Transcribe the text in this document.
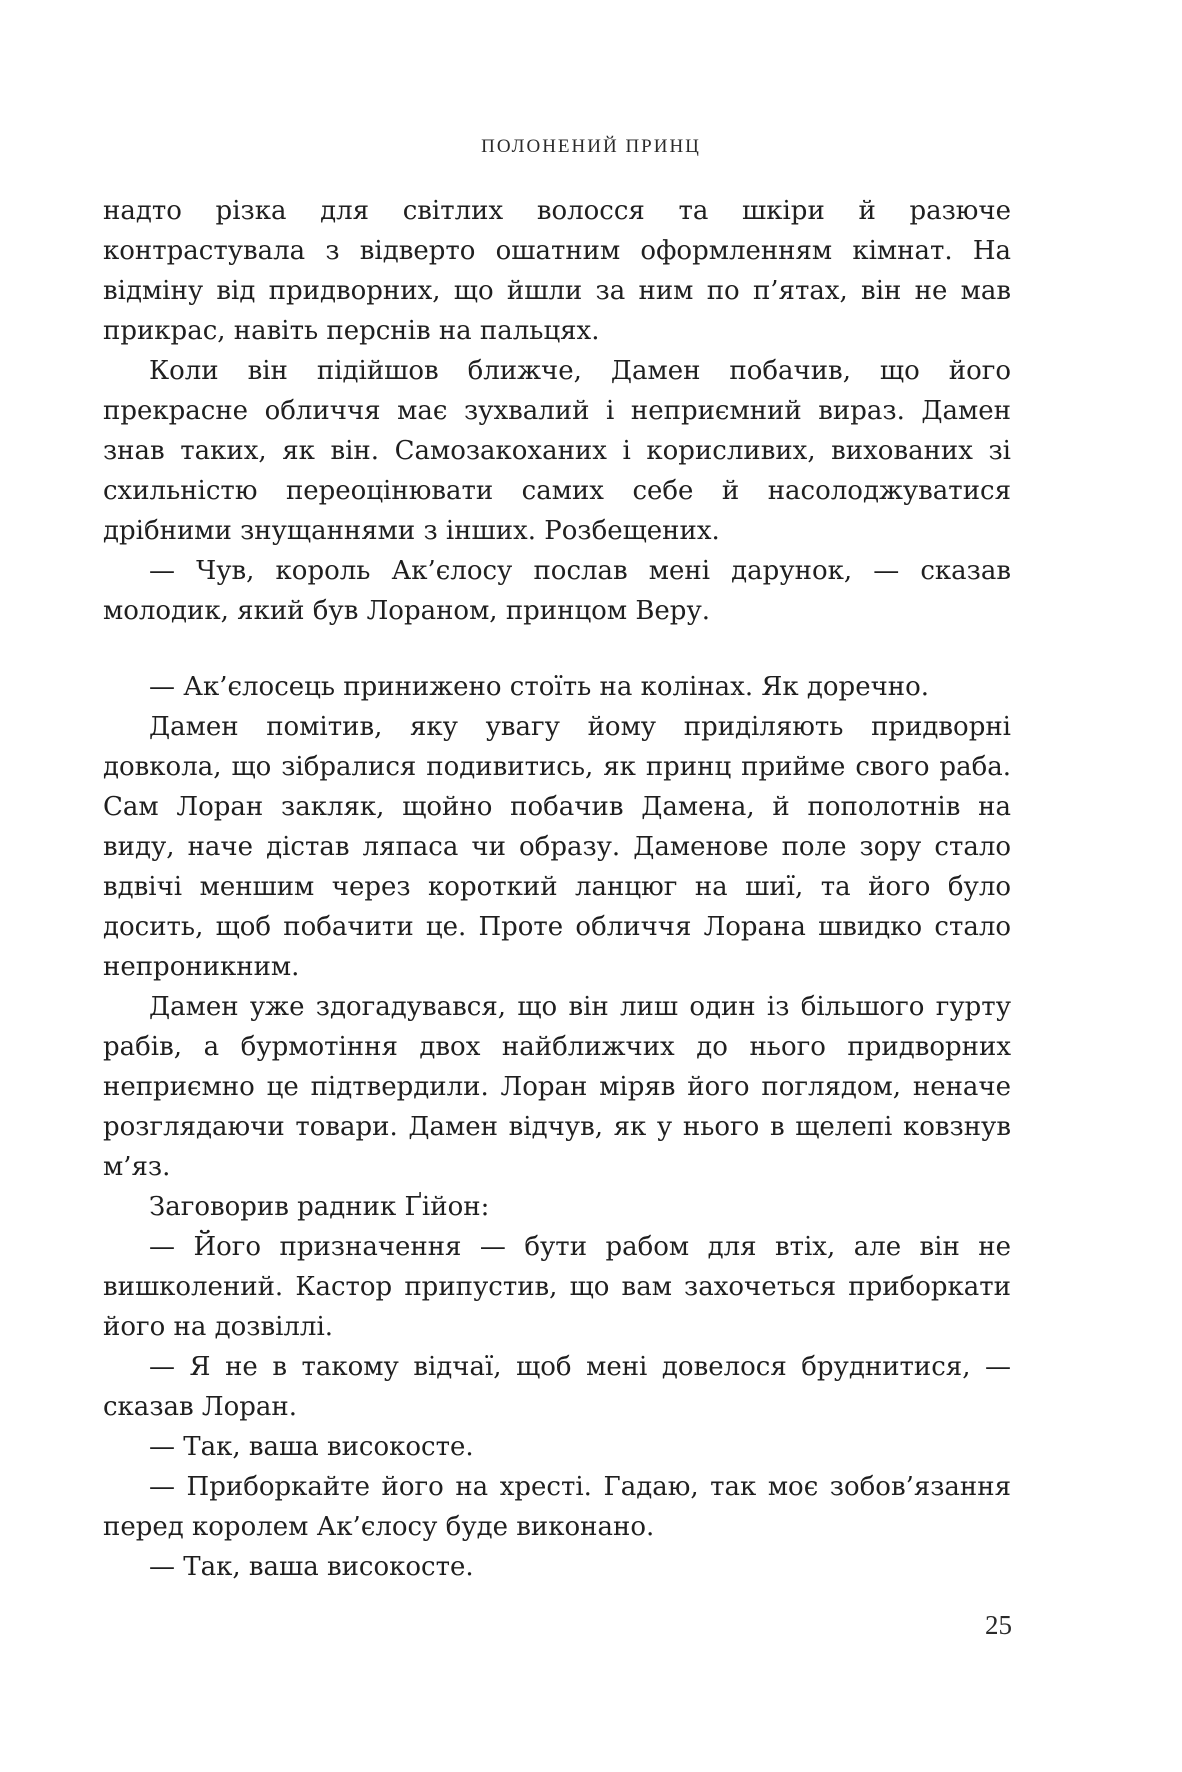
ПОЛОНЕНИЙ ПРИНЦ

надто різка для світлих волосся та шкіри й разюче контрастувала з відверто ошатним оформленням кімнат. На відміну від придворних, що йшли за ним по п’ятах, він не мав прикрас, навіть перснів на пальцях.

Коли він підійшов ближче, Дамен побачив, що його прекрасне обличчя має зухвалий і неприємний вираз. Дамен знав таких, як він. Самозакоханих і корисливих, вихованих зі схильністю переоцінювати самих себе й насолоджуватися дрібними знущаннями з інших. Розбещених.

— Чув, король Ак’єлосу послав мені дарунок, — сказав молодик, який був Лораном, принцом Веру.

— Ак’єлосець принижено стоїть на колінах. Як доречно.

Дамен помітив, яку увагу йому приділяють придворні довкола, що зібралися подивитись, як принц прийме свого раба. Сам Лоран закляк, щойно побачив Дамена, й пополотнів на виду, наче дістав ляпаса чи образу. Даменове поле зору стало вдвічі меншим через короткий ланцюг на шиї, та його було досить, щоб побачити це. Проте обличчя Лорана швидко стало непроникним.

Дамен уже здогадувався, що він лиш один із більшого гурту рабів, а бурмотіння двох найближчих до нього придворних неприємно це підтвердили. Лоран міряв його поглядом, неначе розглядаючи товари. Дамен відчув, як у нього в щелепі ковзнув м’яз.

Заговорив радник Ґійон:

— Його призначення — бути рабом для втіх, але він не вишколений. Кастор припустив, що вам захочеться приборкати його на дозвіллі.

— Я не в такому відчаї, щоб мені довелося бруднитися, — сказав Лоран.

— Так, ваша високосте.

— Приборкайте його на хресті. Гадаю, так моє зобов’язання перед королем Ак’єлосу буде виконано.

— Так, ваша високосте.

25
